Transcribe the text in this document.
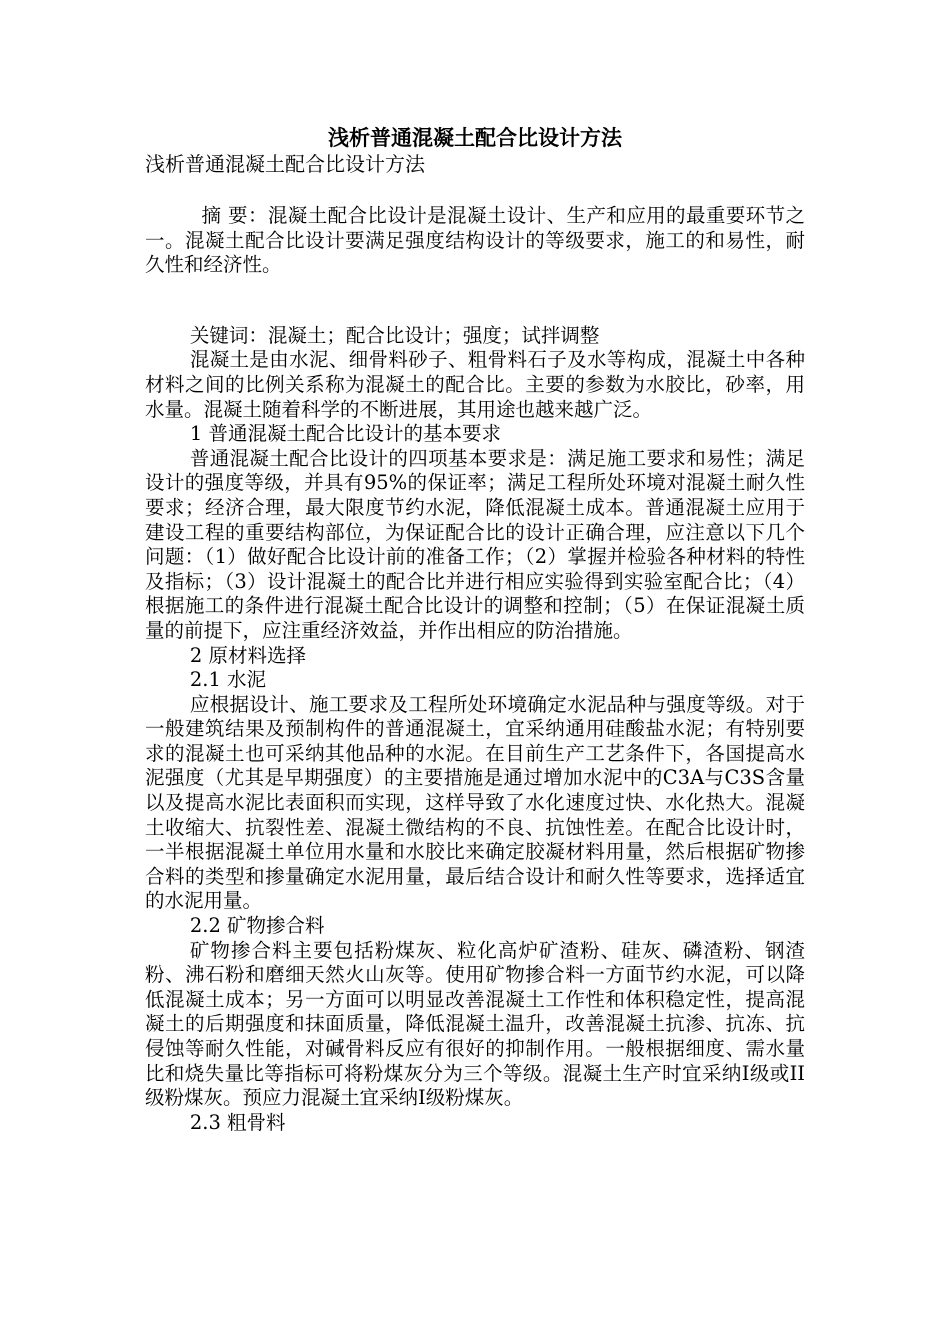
浅析普通混凝土配合比设计方法
浅析普通混凝土配合比设计方法

摘 要：混凝土配合比设计是混凝土设计、生产和应用的最重要环节之一。混凝土配合比设计要满足强度结构设计的等级要求，施工的和易性，耐久性和经济性。

关键词：混凝土；配合比设计；强度；试拌调整

混凝土是由水泥、细骨料砂子、粗骨料石子及水等构成，混凝土中各种材料之间的比例关系称为混凝土的配合比。主要的参数为水胶比，砂率，用水量。混凝土随着科学的不断进展，其用途也越来越广泛。

1 普通混凝土配合比设计的基本要求

普通混凝土配合比设计的四项基本要求是：满足施工要求和易性；满足设计的强度等级，并具有95%的保证率；满足工程所处环境对混凝土耐久性要求；经济合理，最大限度节约水泥，降低混凝土成本。普通混凝土应用于建设工程的重要结构部位，为保证配合比的设计正确合理，应注意以下几个问题：（1）做好配合比设计前的准备工作；（2）掌握并检验各种材料的特性及指标；（3）设计混凝土的配合比并进行相应实验得到实验室配合比；（4）根据施工的条件进行混凝土配合比设计的调整和控制；（5）在保证混凝土质量的前提下，应注重经济效益，并作出相应的防治措施。

2 原材料选择

2.1 水泥

应根据设计、施工要求及工程所处环境确定水泥品种与强度等级。对于一般建筑结果及预制构件的普通混凝土，宜采纳通用硅酸盐水泥；有特别要求的混凝土也可采纳其他品种的水泥。在目前生产工艺条件下，各国提高水泥强度（尤其是早期强度）的主要措施是通过增加水泥中的C3A与C3S含量以及提高水泥比表面积而实现，这样导致了水化速度过快、水化热大。混凝土收缩大、抗裂性差、混凝土微结构的不良、抗蚀性差。在配合比设计时，一半根据混凝土单位用水量和水胶比来确定胶凝材料用量，然后根据矿物掺合料的类型和掺量确定水泥用量，最后结合设计和耐久性等要求，选择适宜的水泥用量。

2.2 矿物掺合料

矿物掺合料主要包括粉煤灰、粒化高炉矿渣粉、硅灰、磷渣粉、钢渣粉、沸石粉和磨细天然火山灰等。使用矿物掺合料一方面节约水泥，可以降低混凝土成本；另一方面可以明显改善混凝土工作性和体积稳定性，提高混凝土的后期强度和抹面质量，降低混凝土温升，改善混凝土抗渗、抗冻、抗侵蚀等耐久性能，对碱骨料反应有很好的抑制作用。一般根据细度、需水量比和烧失量比等指标可将粉煤灰分为三个等级。混凝土生产时宜采纳Ⅰ级或II级粉煤灰。预应力混凝土宜采纳Ⅰ级粉煤灰。

2.3 粗骨料
